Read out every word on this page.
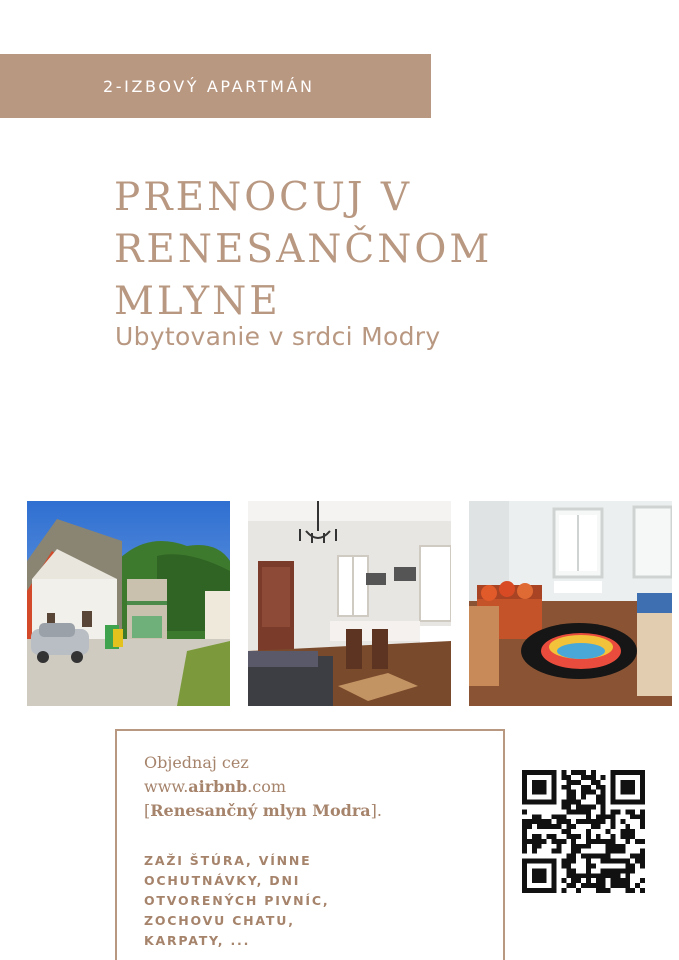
2-IZBOVÝ APARTMÁN
PRENOCUJ V
RENESANČNOM
MLYNE
Ubytovanie v srdci Modry
Objednaj cez
www.airbnb.com
[Renesančný mlyn Modra].
ZAŽI ŠTÚRA, VÍNNE
OCHUTNÁVKY, DNI
OTVORENÝCH PIVNÍC,
ZOCHOVU CHATU,
KARPATY, ...
